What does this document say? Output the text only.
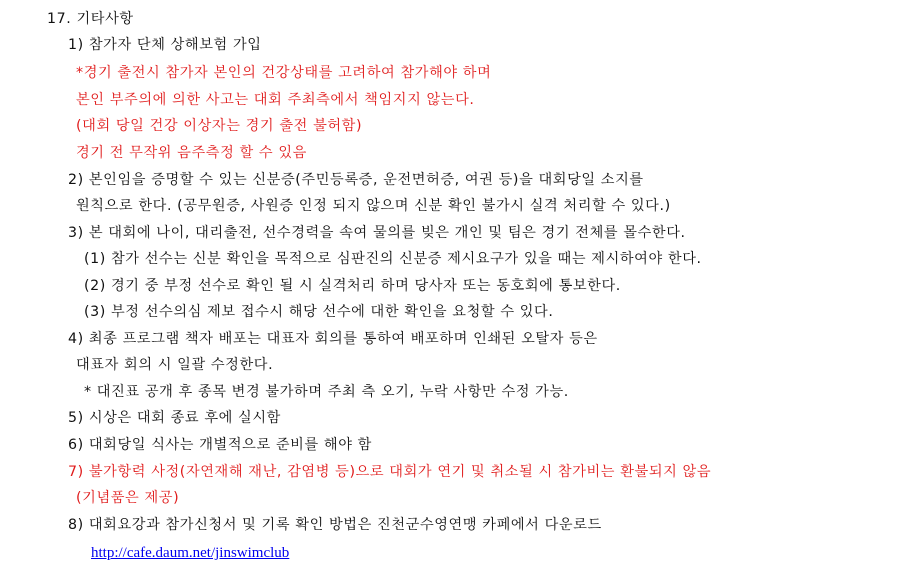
17. 기타사항
1) 참가자 단체 상해보험 가입
*경기 출전시 참가자 본인의 건강상태를 고려하여 참가해야 하며
본인 부주의에 의한 사고는 대회 주최측에서 책임지지 않는다.
(대회 당일 건강 이상자는 경기 출전 불허함)
경기 전 무작위 음주측정 할 수 있음
2) 본인임을 증명할 수 있는 신분증(주민등록증, 운전면허증, 여권 등)을 대회당일 소지를
원칙으로 한다. (공무원증, 사원증 인정 되지 않으며 신분 확인 불가시 실격 처리할 수 있다.)
3) 본 대회에 나이, 대리출전, 선수경력을 속여 물의를 빚은 개인 및 팀은 경기 전체를 몰수한다.
(1) 참가 선수는 신분 확인을 목적으로 심판진의 신분증 제시요구가 있을 때는 제시하여야 한다.
(2) 경기 중 부정 선수로 확인 될 시 실격처리 하며 당사자 또는 동호회에 통보한다.
(3) 부정 선수의심 제보 접수시 해당 선수에 대한 확인을 요청할 수 있다.
4) 최종 프로그램 책자 배포는 대표자 회의를 통하여 배포하며 인쇄된 오탈자 등은
대표자 회의 시 일괄 수정한다.
* 대진표 공개 후 종목 변경 불가하며 주최 측 오기, 누락 사항만 수정 가능.
5) 시상은 대회 종료 후에 실시함
6) 대회당일 식사는 개별적으로 준비를 해야 함
7) 불가항력 사정(자연재해 재난, 감염병 등)으로 대회가 연기 및 취소될 시 참가비는 환불되지 않음
(기념품은 제공)
8) 대회요강과 참가신청서 및 기록 확인 방법은 진천군수영연맹 카페에서 다운로드
http://cafe.daum.net/jinswimclub
